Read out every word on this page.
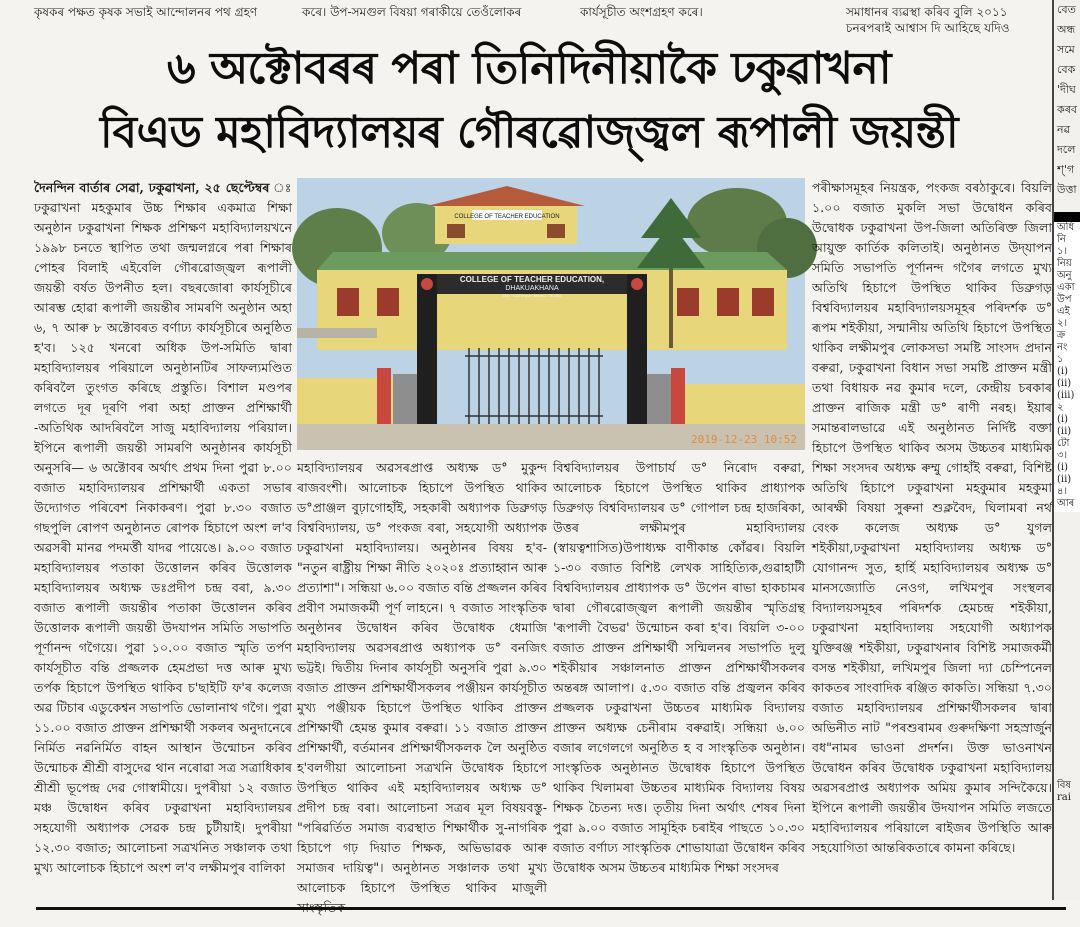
কৃষকৰ পক্ষত কৃষক সভাই আন্দোলনৰ পথ গ্ৰহণ	কৰে। উপ-সমগুল বিষয়া গৰাকীয়ে তেওঁলোকৰ	কাৰ্যসূচীত অংশগ্ৰহণ কৰে।	সমাধানৰ ব্যৱস্থা কৰিব বুলি ২০১১ চনৰপৰাই আশ্বাস দি আহিছে যদিও
৬ অক্টোবৰৰ পৰা তিনিদিনীয়াকৈ ঢকুৱাখনা
বিএড মহাবিদ্যালয়ৰ গৌৰৱোজ্জ্বল ৰূপালী জয়ন্তী
দৈনন্দিন বাৰ্তাৰ সেৱা, ঢকুৱাখনা, ২৫ ছেপ্টেম্বৰ ঢকুৱাখনা মহকুমাৰ উচ্চ শিক্ষাৰ একমাত্ৰ শিক্ষা অনুষ্ঠান ঢকুৱাখনা শিক্ষক প্ৰশিক্ষণ মহাবিদ্যালয়খনে ১৯৯৮ চনতে স্থাপিত তথা জন্মলগ্নৰে পৰা শিক্ষাৰ পোহৰ বিলাই এইবেলি গৌৰৱোজ্জ্বল ৰূপালী জয়ন্তী বৰ্ষত উপনীত হল। বছৰজোৰা কাৰ্যসূচীৰে আৰম্ভ হোৱা ৰূপালী জয়ন্তীৰ সামৰণি অনুষ্ঠান অহা ৬, ৭ আৰু ৮ অক্টোবৰত বৰ্ণাঢ্য কাৰ্যসূচীৰে অনুষ্ঠিত হ'ব। ১২৫ খনৰো অধিক উপ-সমিতি দ্বাৰা মহাবিদ্যালয়ৰ পৰিয়ালে অনুষ্ঠানটিৰ সাফল্যমণ্ডিত কৰিবলৈ তুংগত কৰিছে প্ৰস্তুতি। বিশাল মণ্ডপৰ লগতে দূৰ দূৰণি পৰা অহা প্ৰাক্তন প্ৰশিক্ষাৰ্থী -অতিথিক আদৰিবলৈ সাজু মহাবিদ্যালয় পৰিয়াল। ইপিনে ৰূপালী জয়ন্তী সামৰণি অনুষ্ঠানৰ কাৰ্যসূচী অনুসৰি— ৬ অক্টোবৰ অৰ্থাৎ প্ৰথম দিনা পুৱা ৮.০০ বজাত মহাবিদ্যালয়ৰ প্ৰশিক্ষাৰ্থী একতা সভাৰ উদ্যোগত পৰিবেশ নিকাকৰণ। পুৱা ৮.৩০ বজাত গছপুলি ৰোপণ অনুষ্ঠানত ৰোপক হিচাপে অংশ ল'ব অৱসৰী মানৱ পদমৰ্ত্তী যাদৱ পায়েঙে। ৯.০০ বজাত মহাবিদ্যালয়ৰ পতাকা উত্তোলন কৰিব উত্তোলক মহাবিদ্যালয়ৰ অধ্যক্ষ ডঃপ্ৰদীপ চন্দ্ৰ বৰা, ৯.৩০ বজাত ৰূপালী জয়ন্তীৰ পতাকা উত্তোলন কৰিব উত্তোলক ৰূপালী জয়ন্তী উদযাপন সমিতি সভাপতি পূৰ্ণানন্দ গগৈয়ে। পুৱা ১০.০০ বজাত স্মৃতি তৰ্পণ কাৰ্যসূচীত বন্তি প্ৰজ্জলক হেমপ্ৰভা দত্ত আৰু মুখ্য তৰ্পক হিচাপে উপস্থিত থাকিব চ'ছাইটি ফ'ৰ কলেজ অৱ টিচাৰ এডুকেশ্বন সভাপতি ভোলানাথ গগৈ। পুৱা ১১.০০ বজাত প্ৰাক্তন প্ৰশিক্ষাৰ্থী সকলৰ অনুদানেৰে নিৰ্মিত নৱনিৰ্মিত বাহন আস্থান উন্মোচন কৰিব উন্মোচক শ্ৰীশ্ৰী বাসুদেৱ থান নৰোৱা সত্ৰ সত্ৰাধিকাৰ শ্ৰীশ্ৰী ভূপেন্দ্ৰ দেৱ গোস্বামীয়ে। দুপৰীয়া ১২ বজাত মঞ্চ উদ্বোধন কৰিব ঢকুৱাখনা মহাবিদ্যালয়ৰ সহযোগী অধ্যাপক সেৱক চন্দ্ৰ চুটীয়াই। দুপৰীয়া ১২.৩০ বজাত; আলোচনা সত্ৰখনিত সঞ্চালক তথা মুখ্য আলোচক হিচাপে অংশ ল'ব লক্ষীমপুৰ বালিকা
COLLEGE OF TEACHER EDUCATION
COLLEGE OF TEACHER EDUCATION,
DHAKUAKHANA
Dist.: Lakhimpur, Assam- 787055
2019-12-23 10:52
মহাবিদ্যালয়ৰ অৱসৰপ্ৰাপ্ত অধ্যক্ষ ড° মুকুন্দ ৰাজবংশী। আলোচক হিচাপে উপস্থিত থাকিব ড°প্ৰাঞ্জল বুঢ়াগোহাঁই, সহকাৰী অধ্যাপক ডিব্ৰুগড় বিশ্ববিদ্যালয়, ড° পংকজ বৰা, সহযোগী অধ্যাপক ঢকুৱাখনা মহাবিদ্যালয়। অনুষ্ঠানৰ বিষয় হ'ব- "নতুন ৰাষ্ট্ৰীয় শিক্ষা নীতি ২০২০ঃ প্ৰত্যাহ্বান আৰু প্ৰত্যাশা"। সন্ধিয়া ৬.০০ বজাত বন্তি প্ৰজ্জলন কৰিব প্ৰবীণ সমাজকৰ্মী পূৰ্ণ লাহনে। ৭ বজাত সাংস্কৃতিক অনুষ্ঠানৰ উদ্বোধন কৰিব উদ্বোধক ধেমাজি মহাবিদ্যালয় অৱসৰপ্ৰাপ্ত অধ্যাপক ড° বনজিৎ ভট্টই। দ্বিতীয় দিনাৰ কাৰ্যসূচী অনুসৰি পুৱা ৯.৩০ বজাত প্ৰাক্তন প্ৰশিক্ষাৰ্থীসকলৰ পঞ্জীয়ন কাৰ্যসূচীত মুখ্য পঞ্জীয়ক হিচাপে উপস্থিত থাকিব প্ৰাক্তন প্ৰশিক্ষাৰ্থী হেমন্ত কুমাৰ বৰুৱা। ১১ বজাত প্ৰাক্তন প্ৰশিক্ষাৰ্থী, বৰ্তমানৰ প্ৰশিক্ষাৰ্থীসকলক লৈ অনুষ্ঠিত হ'বলগীয়া আলোচনা সত্ৰখনি উদ্বোধক হিচাপে উপস্থিত থাকিব এই মহাবিদ্যালয়ৰ অধ্যক্ষ ড° প্ৰদীপ চন্দ্ৰ বৰা। আলোচনা সত্ৰৰ মূল বিষয়বস্তু-"পৰিৱৰ্তিত সমাজ ব্যৱস্থাত শিক্ষাৰ্থীক সু-নাগৰিক হিচাপে গঢ় দিয়াত শিক্ষক, অভিভাৱক আৰু সমাজৰ দায়িত্ব"। অনুষ্ঠানত সঞ্চালক তথা মুখ্য আলোচক হিচাপে উপস্থিত থাকিব মাজুলী
বিশ্ববিদ্যালয়ৰ উপাচাৰ্য ড° নিৰোদ বৰুৱা, আলোচক হিচাপে উপস্থিত থাকিব প্ৰাধ্যাপক ডিব্ৰুগড় বিশ্ববিদ্যালয়ৰ ড° গোপাল চন্দ্ৰ হাজৰিকা, উত্তৰ লক্ষীমপুৰ মহাবিদ্যালয় (স্বায়ত্বশাসিত)উপাধ্যক্ষ বাণীকান্ত কোঁৱৰ। বিয়লি ১-৩০ বজাত বিশিষ্ট লেখক সাহিত্যিক,গুৱাহাটী বিশ্ববিদ্যালয়ৰ প্ৰাধ্যাপক ড° উপেন ৰাভা হাকচামৰ দ্বাৰা গৌৰৱোজ্জ্বল ৰূপালী জয়ন্তীৰ স্মৃতিগ্ৰন্থ 'ৰূপালী বৈভৱ' উন্মোচন কৰা হ'ব। বিয়লি ৩-০০ বজাত প্ৰাক্তন প্ৰশিক্ষাৰ্থী সন্মিলনৰ সভাপতি দুলু শইকীয়াৰ সঞ্চালনাত প্ৰাক্তন প্ৰশিক্ষাৰ্থীসকলৰ অন্তৰঙ্গ আলাপ। ৫.৩০ বজাত বন্তি প্ৰজ্বলন কৰিব প্ৰজ্জলক ঢকুৱাখনা উচ্চতৰ মাধ্যমিক বিদ্যালয় প্ৰাক্তন অধ্যক্ষ চেনীৰাম বৰুৱাই। সন্ধিয়া ৬.০০ বজাৰ লগেলগে অনুষ্ঠিত হ ব সাংস্কৃতিক অনুষ্ঠান। সাংস্কৃতিক অনুষ্ঠানত উদ্বোধক হিচাপে উপস্থিত থাকিব খিলামৰা উচ্চতৰ মাধ্যমিক বিদ্যালয় বিষয় শিক্ষক চৈতন্য দত্ত। তৃতীয় দিনা অৰ্থাৎ শেষৰ দিনা পুৱা ৯.০০ বজাত সামূহিক চৰাইৰ পাছতে ১০.৩০ বজাত বৰ্ণাঢ্য সাংস্কৃতিক শোভাযাত্ৰা উদ্বোধন কৰিব উদ্বোধক অসম উচ্চতৰ মাধ্যমিক শিক্ষা সংসদৰ
পৰীক্ষাসমূহৰ নিয়ন্ত্ৰক, পংকজ বৰঠাকুৰে। বিয়লি ১.০০ বজাত মুকলি সভা উদ্বোধন কৰিব উদ্বোধক ঢকুৱাখনা উপ-জিলা অতিৰিক্ত জিলা আয়ুক্ত কাৰ্তিক কলিতাই। অনুষ্ঠানত উদ্‌যাপন সমিতি সভাপতি পূৰ্ণানন্দ গগৈৰ লগতে মুখ্য অতিথি হিচাপে উপস্থিত থাকিব ডিব্ৰুগড় বিশ্ববিদ্যালয়ৰ মহাবিদ্যালয়সমূহৰ পৰিদৰ্শক ড° ৰূপম শইকীয়া, সন্মানীয় অতিথি হিচাপে উপস্থিত থাকিব লক্ষীমপুৰ লোকসভা সমষ্টি সাংসদ প্ৰদান বৰুৱা, ঢকুৱাখনা বিধান সভা সমষ্টি প্ৰাক্তন মন্ত্ৰী তথা বিধায়ক নৱ কুমাৰ দলে, কেন্দ্ৰীয় চৰকাৰ প্ৰাক্তন ৰাজিক মন্ত্ৰী ড° ৰাণী নৰহ। ইয়াৰ সমান্তৰালভাৱে এই অনুষ্ঠানত নিৰ্দিষ্ট বক্তা হিচাপে উপস্থিত থাকিব অসম উচ্চতৰ মাধ্যমিক শিক্ষা সংসদৰ অধ্যক্ষ ৰুম্মু গোহাঁই বৰুৱা, বিশিষ্ট অতিথি হিচাপে ঢকুৱাখনা মহকুমাৰ মহকুমা আৰক্ষী বিষয়া সুৰুনা শুক্লবৈদ, ঘিলামৰা নৰ্থ বেংক কলেজ অধ্যক্ষ ড° যুগল শইকীয়া,ঢকুৱাখনা মহাবিদ্যালয় অধ্যক্ষ ড° যোগানন্দ সুত, হাৰ্হি মহাবিদ্যালয়ৰ অধ্যক্ষ ড° মানসজ্যোতি নেওগ, লখিমপুৰ সংস্থলৰ বিদ্যালয়সমূহৰ পৰিদৰ্শক হেমচন্দ্ৰ শইকীয়া, ঢকুৱাখনা মহাবিদ্যালয় সহযোগী অধ্যাপক যুক্তিৰঞ্জ শইকীয়া, ঢকুৱাখনাৰ বিশিষ্ট সমাজকৰ্মী বসন্ত শইকীয়া, লখিমপুৰ জিলা দ্যা চেম্পিনেল কাকতৰ সাংবাদিক ৰঞ্জিত কাকতি। সন্ধিয়া ৭.৩০ বজাত মহাবিদ্যালয়ৰ প্ৰশিক্ষাৰ্থীসকলৰ দ্বাৰা অভিনীত নাট "পৰশুৰামৰ গুৰুদক্ষিণা সহস্ৰাৰ্জুন বধ"নামৰ ভাওনা প্ৰদৰ্শন। উক্ত ভাওনাখন উদ্বোধন কৰিব উদ্বোধক ঢকুৱাখনা মহাবিদ্যালয় অৱসৰপ্ৰাপ্ত অধ্যাপক অমিয় কুমাৰ সন্দিকৈয়ে। ইপিনে ৰূপালী জয়ন্তীৰ উদযাপন সমিতি লজতে মহাবিদ্যালয়ৰ পৰিয়ালে ৰাইজৰ উপস্থিতি আৰু সহযোগিতা আন্তৰিকতাৰে কামনা কৰিছে।
বেত
অন্ধ
সমে
বেক
'দীঘ
কৰব
নৱ
দলে
শ্'গ
উত্তা
অধি
নি
১।
নিয়
অনু
একা
উপ
এই
২।
ক্ৰ
নং
১
(i)
(ii)
(iii)
২
(i)
(ii)
টো
৩।
(i)
(ii)
৪।
আৰ
বিষ
rai
